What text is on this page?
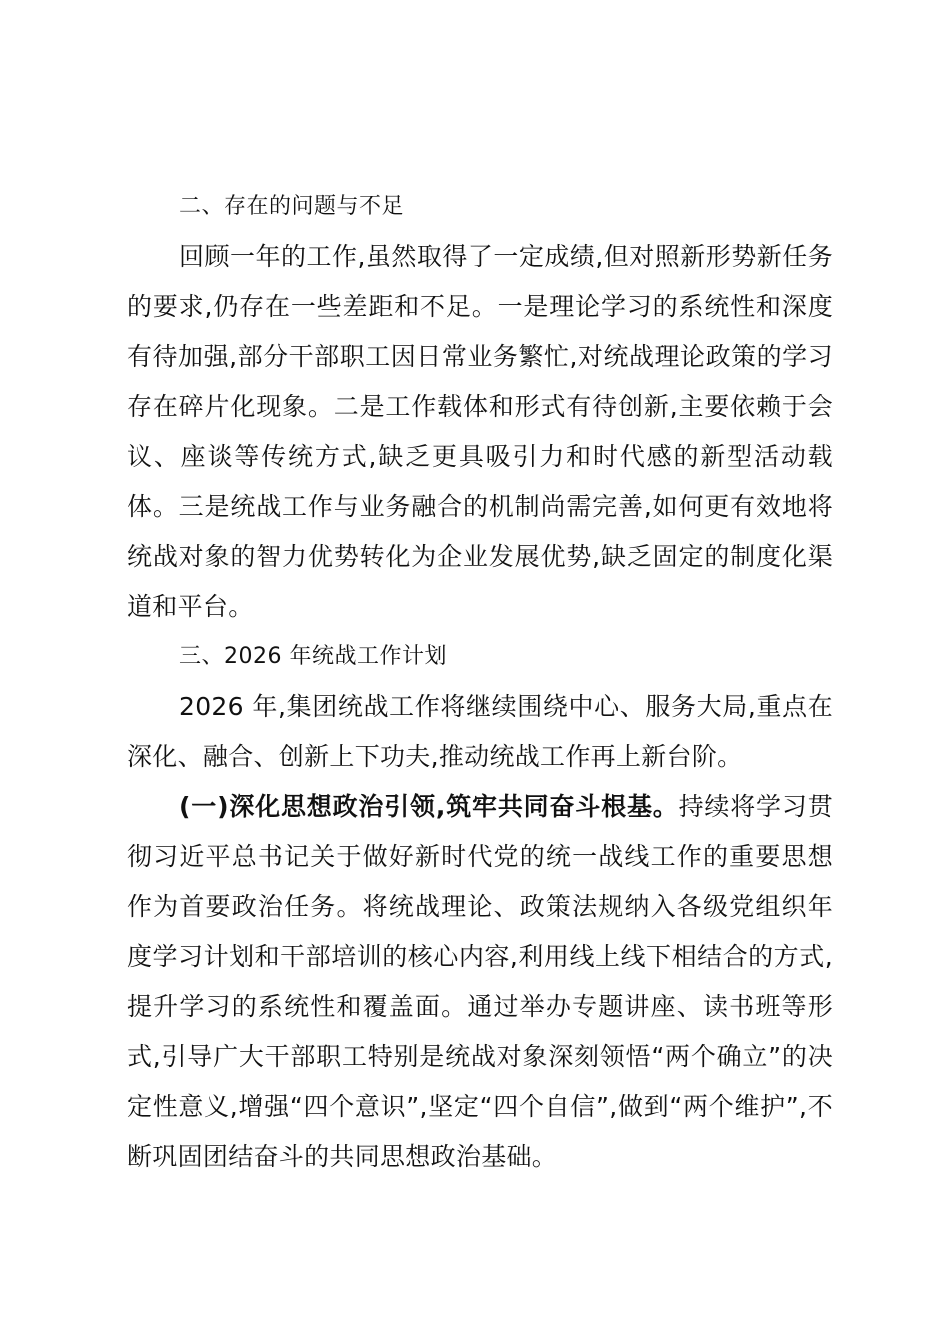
二、存在的问题与不足
回顾一年的工作,虽然取得了一定成绩,但对照新形势新任务的要求,仍存在一些差距和不足。一是理论学习的系统性和深度有待加强,部分干部职工因日常业务繁忙,对统战理论政策的学习存在碎片化现象。二是工作载体和形式有待创新,主要依赖于会议、座谈等传统方式,缺乏更具吸引力和时代感的新型活动载体。三是统战工作与业务融合的机制尚需完善,如何更有效地将统战对象的智力优势转化为企业发展优势,缺乏固定的制度化渠道和平台。
三、2026 年统战工作计划
2026 年,集团统战工作将继续围绕中心、服务大局,重点在深化、融合、创新上下功夫,推动统战工作再上新台阶。
(一)深化思想政治引领,筑牢共同奋斗根基。持续将学习贯彻习近平总书记关于做好新时代党的统一战线工作的重要思想作为首要政治任务。将统战理论、政策法规纳入各级党组织年度学习计划和干部培训的核心内容,利用线上线下相结合的方式,提升学习的系统性和覆盖面。通过举办专题讲座、读书班等形式,引导广大干部职工特别是统战对象深刻领悟“两个确立”的决定性意义,增强“四个意识”,坚定“四个自信”,做到“两个维护”,不断巩固团结奋斗的共同思想政治基础。
